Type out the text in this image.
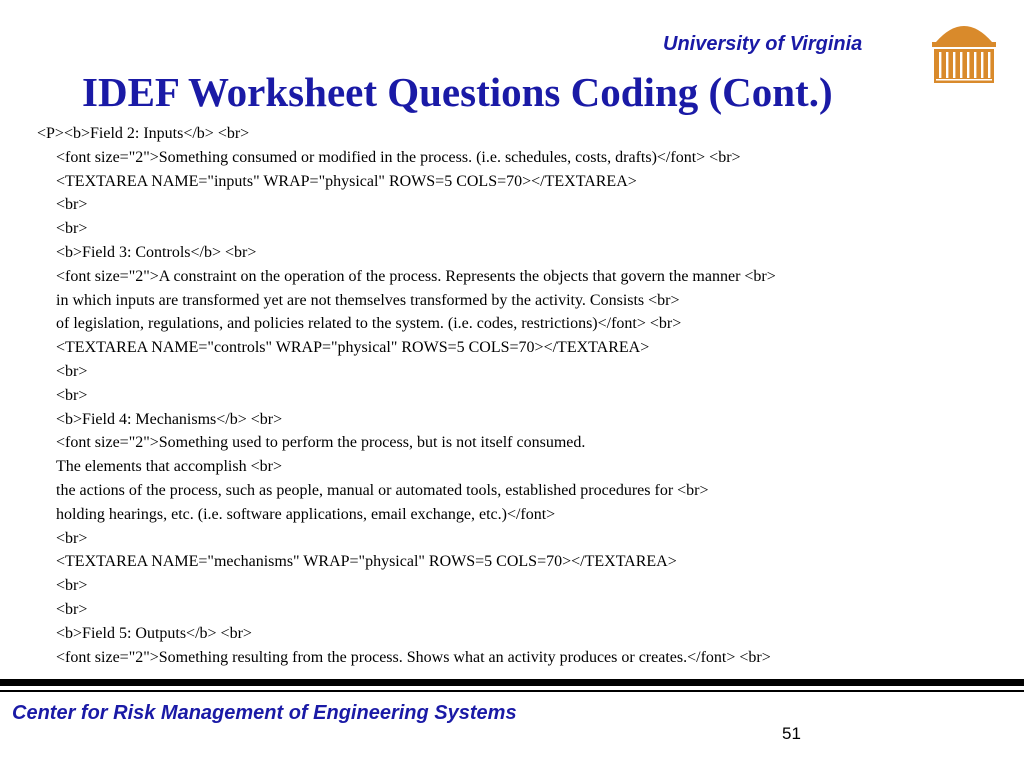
University of Virginia
IDEF Worksheet Questions Coding (Cont.)
<P><b>Field 2: Inputs</b> <br>
<font size="2">Something consumed or modified in the process. (i.e. schedules, costs, drafts)</font> <br>
<TEXTAREA NAME="inputs" WRAP="physical" ROWS=5 COLS=70></TEXTAREA>
<br>
<br>
<b>Field 3: Controls</b> <br>
<font size="2">A constraint on the operation of the process. Represents the objects that govern the manner <br>
in which inputs are transformed yet are not themselves transformed by the activity. Consists <br>
of legislation, regulations, and policies related to the system. (i.e. codes, restrictions)</font> <br>
<TEXTAREA NAME="controls" WRAP="physical" ROWS=5 COLS=70></TEXTAREA>
<br>
<br>
<b>Field 4: Mechanisms</b> <br>
<font size="2">Something used to perform the process, but is not itself consumed.
The elements that accomplish <br>
the actions of the process, such as people, manual or automated tools, established procedures for <br>
holding hearings, etc. (i.e. software applications, email exchange, etc.)</font>
<br>
<TEXTAREA NAME="mechanisms" WRAP="physical" ROWS=5 COLS=70></TEXTAREA>
<br>
<br>
<b>Field 5: Outputs</b> <br>
<font size="2">Something resulting from the process. Shows what an activity produces or creates.</font> <br>
Center for Risk Management of Engineering Systems
51
